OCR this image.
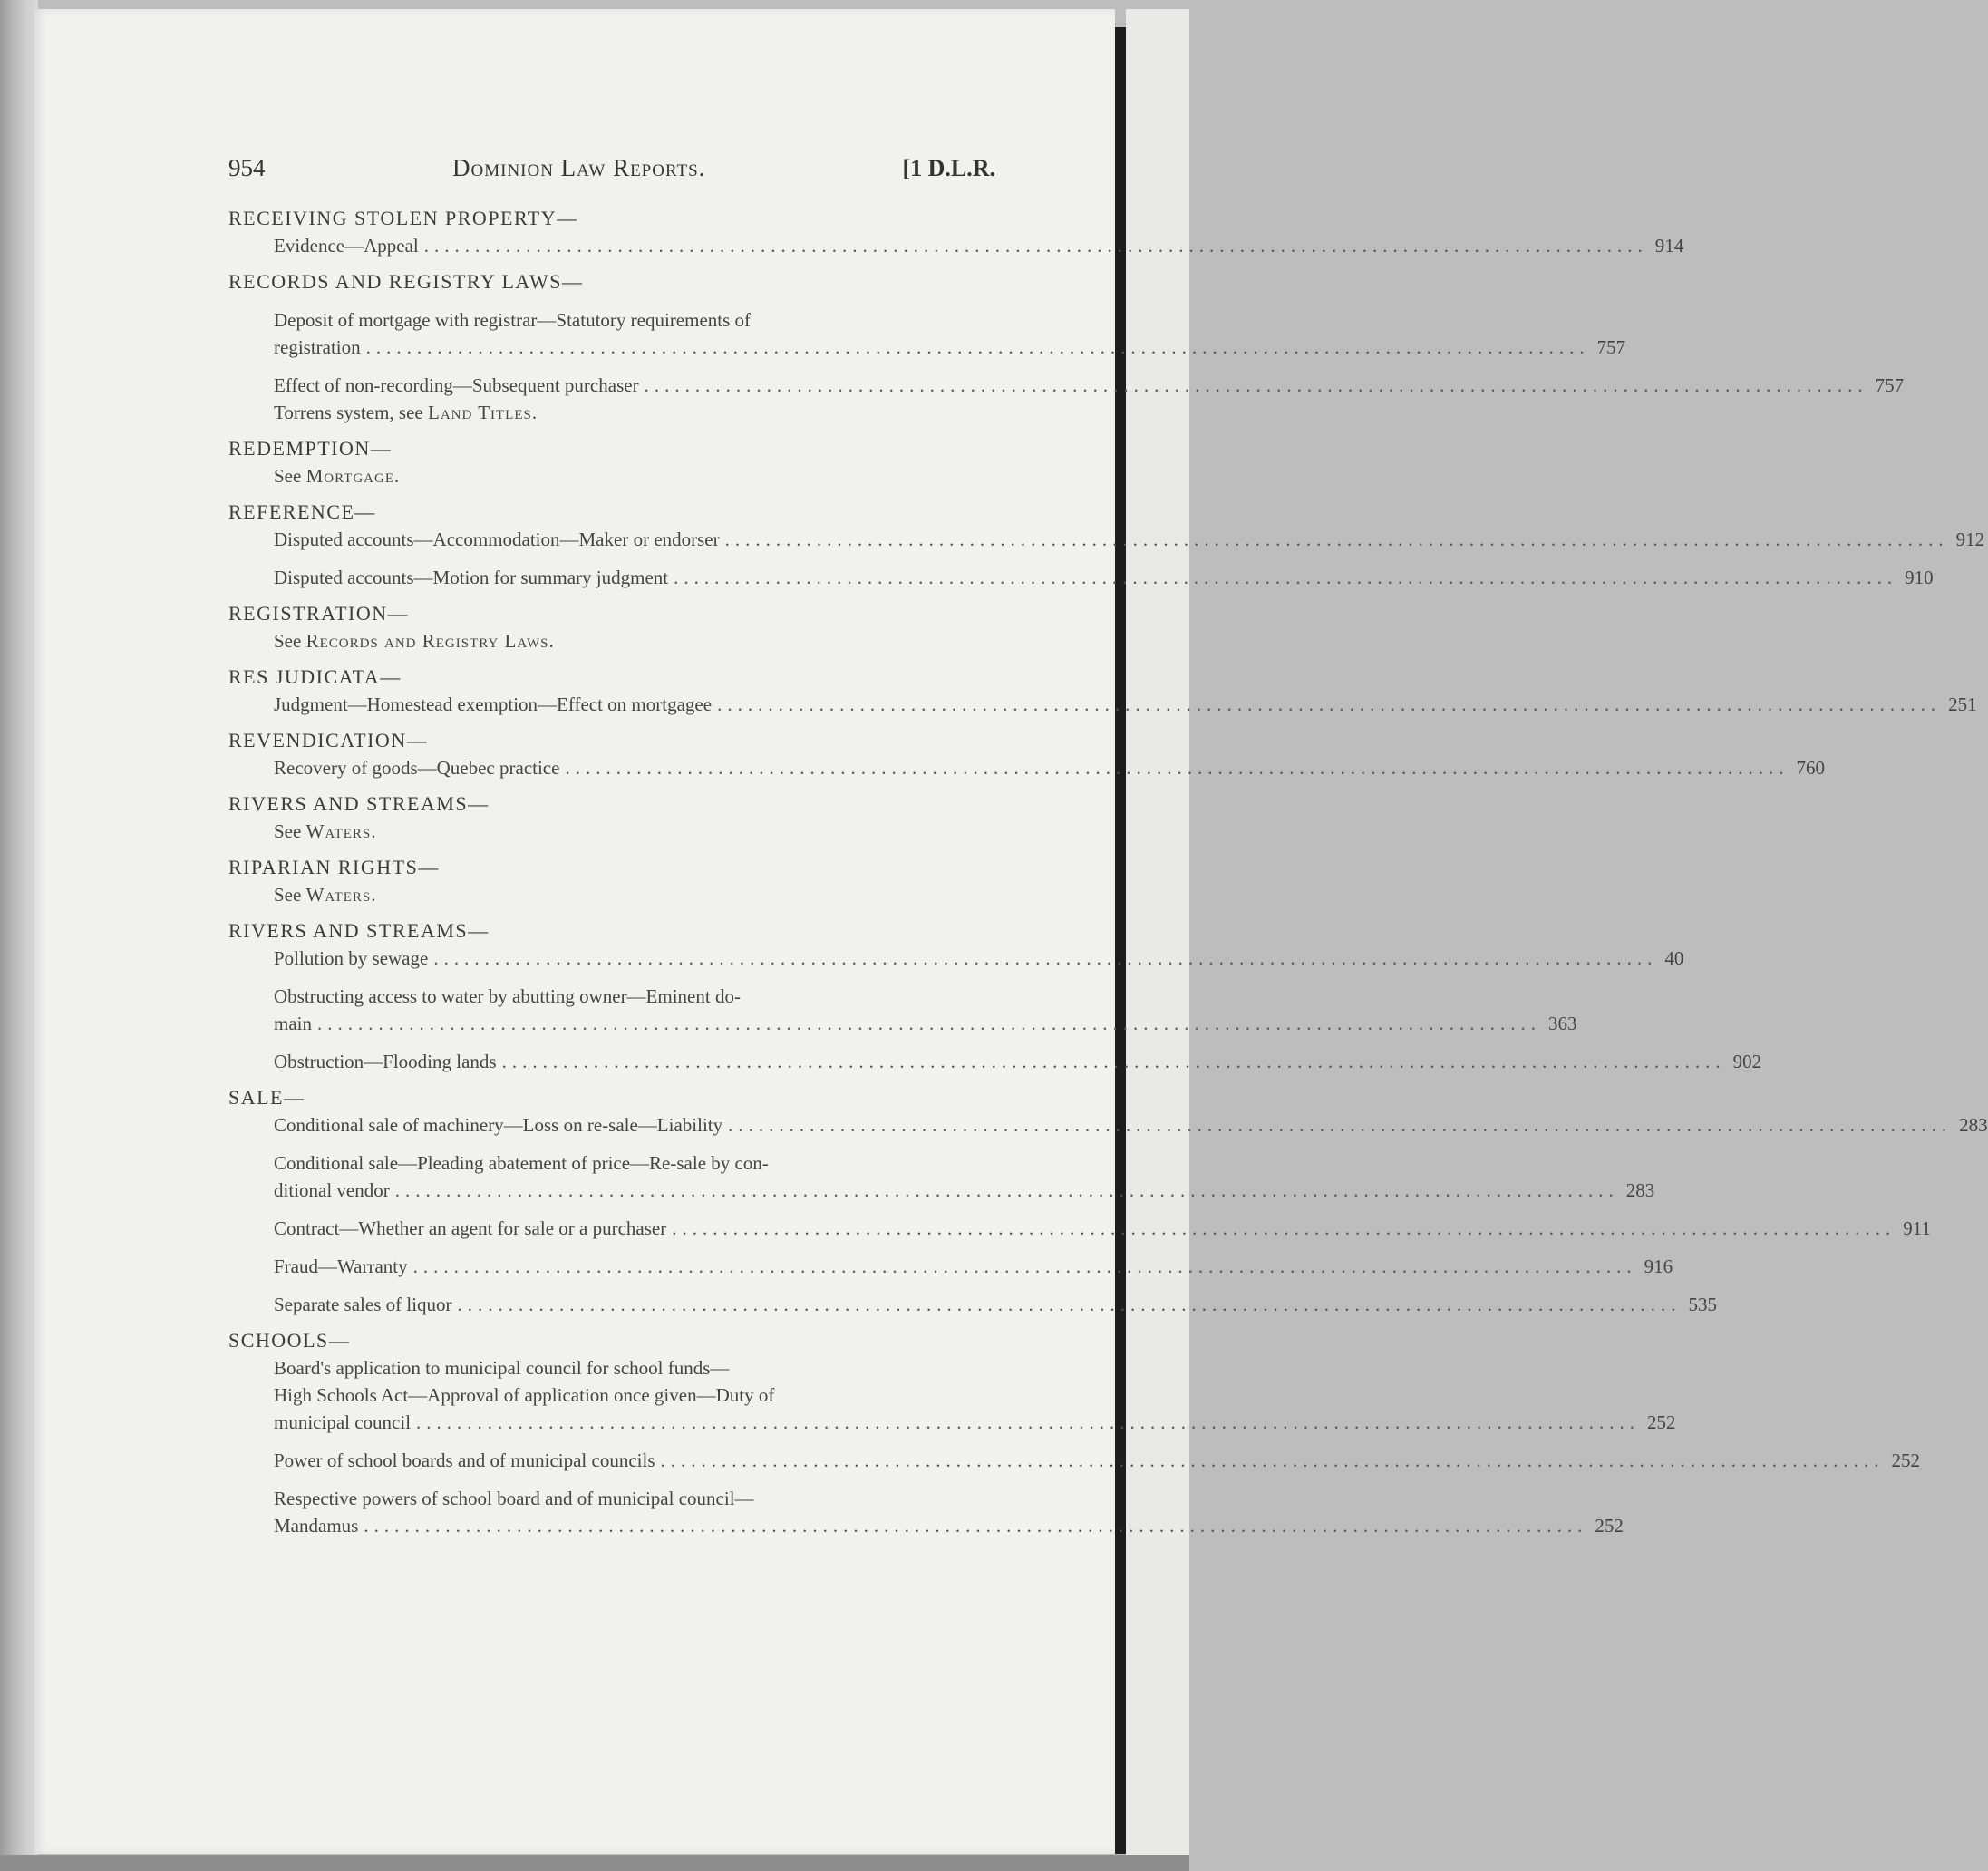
954	Dominion Law Reports.	[1 D.L.R.
RECEIVING STOLEN PROPERTY—
Evidence—Appeal ........................................................................................................................ 914
RECORDS AND REGISTRY LAWS—
Deposit of mortgage with registrar—Statutory requirements of
registration ........................................................................................................................ 757
Effect of non-recording—Subsequent purchaser ........................................................................................................................ 757
Torrens system, see Land Titles.
REDEMPTION—
See Mortgage.
REFERENCE—
Disputed accounts—Accommodation—Maker or endorser ........................................................................................................................ 912
Disputed accounts—Motion for summary judgment ........................................................................................................................ 910
REGISTRATION—
See Records and Registry Laws.
RES JUDICATA—
Judgment—Homestead exemption—Effect on mortgagee ........................................................................................................................ 251
REVENDICATION—
Recovery of goods—Quebec practice ........................................................................................................................ 760
RIVERS AND STREAMS—
See Waters.
RIPARIAN RIGHTS—
See Waters.
RIVERS AND STREAMS—
Pollution by sewage ........................................................................................................................ 40
Obstructing access to water by abutting owner—Eminent do-
main ........................................................................................................................ 363
Obstruction—Flooding lands ........................................................................................................................ 902
SALE—
Conditional sale of machinery—Loss on re-sale—Liability ........................................................................................................................ 283
Conditional sale—Pleading abatement of price—Re-sale by con-
ditional vendor ........................................................................................................................ 283
Contract—Whether an agent for sale or a purchaser ........................................................................................................................ 911
Fraud—Warranty ........................................................................................................................ 916
Separate sales of liquor ........................................................................................................................ 535
SCHOOLS—
Board's application to municipal council for school funds—
High Schools Act—Approval of application once given—Duty of
municipal council ........................................................................................................................ 252
Power of school boards and of municipal councils ........................................................................................................................ 252
Respective powers of school board and of municipal council—
Mandamus ........................................................................................................................ 252
